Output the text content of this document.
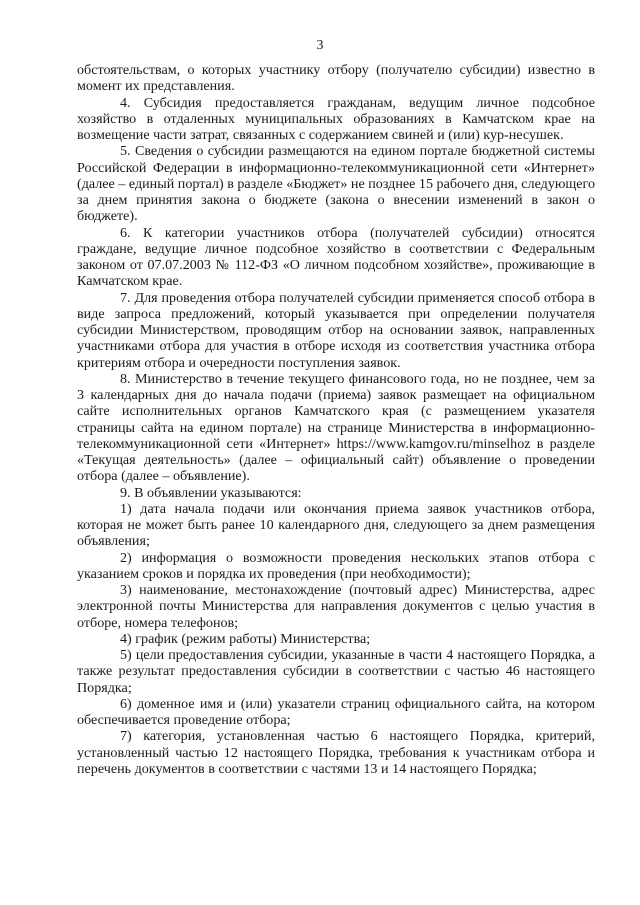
3

обстоятельствам, о которых участнику отбору (получателю субсидии) известно в момент их представления.

4. Субсидия предоставляется гражданам, ведущим личное подсобное хозяйство в отдаленных муниципальных образованиях в Камчатском крае на возмещение части затрат, связанных с содержанием свиней и (или) кур-несушек.

5. Сведения о субсидии размещаются на едином портале бюджетной системы Российской Федерации в информационно-телекоммуникационной сети «Интернет» (далее – единый портал) в разделе «Бюджет» не позднее 15 рабочего дня, следующего за днем принятия закона о бюджете (закона о внесении изменений в закон о бюджете).

6. К категории участников отбора (получателей субсидии) относятся граждане, ведущие личное подсобное хозяйство в соответствии с Федеральным законом от 07.07.2003 № 112-ФЗ «О личном подсобном хозяйстве», проживающие в Камчатском крае.

7. Для проведения отбора получателей субсидии применяется способ отбора в виде запроса предложений, который указывается при определении получателя субсидии Министерством, проводящим отбор на основании заявок, направленных участниками отбора для участия в отборе исходя из соответствия участника отбора критериям отбора и очередности поступления заявок.

8. Министерство в течение текущего финансового года, но не позднее, чем за 3 календарных дня до начала подачи (приема) заявок размещает на официальном сайте исполнительных органов Камчатского края (с размещением указателя страницы сайта на едином портале) на странице Министерства в информационно-телекоммуникационной сети «Интернет» https://www.kamgov.ru/minselhoz в разделе «Текущая деятельность» (далее – официальный сайт) объявление о проведении отбора (далее – объявление).

9. В объявлении указываются:

1) дата начала подачи или окончания приема заявок участников отбора, которая не может быть ранее 10 календарного дня, следующего за днем размещения объявления;

2) информация о возможности проведения нескольких этапов отбора с указанием сроков и порядка их проведения (при необходимости);

3) наименование, местонахождение (почтовый адрес) Министерства, адрес электронной почты Министерства для направления документов с целью участия в отборе, номера телефонов;

4) график (режим работы) Министерства;

5) цели предоставления субсидии, указанные в части 4 настоящего Порядка, а также результат предоставления субсидии в соответствии с частью 46 настоящего Порядка;

6) доменное имя и (или) указатели страниц официального сайта, на котором обеспечивается проведение отбора;

7) категория, установленная частью 6 настоящего Порядка, критерий, установленный частью 12 настоящего Порядка, требования к участникам отбора и перечень документов в соответствии с частями 13 и 14 настоящего Порядка;
